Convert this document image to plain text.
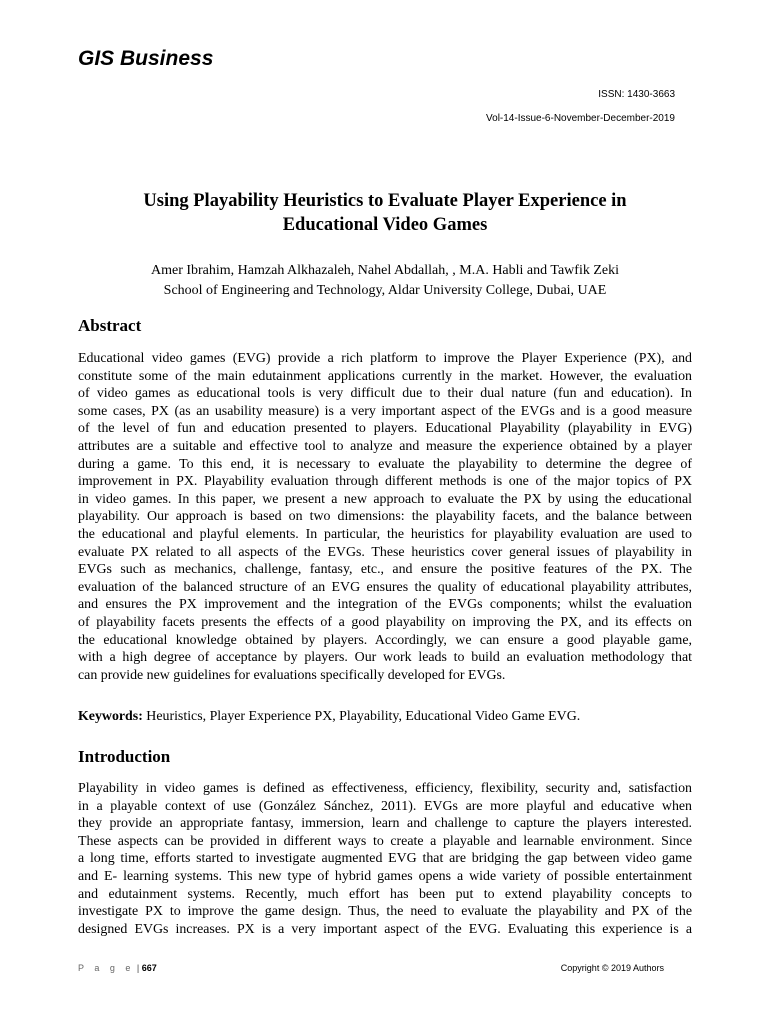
GIS Business
ISSN: 1430-3663
Vol-14-Issue-6-November-December-2019
Using Playability Heuristics to Evaluate Player Experience in
Educational Video Games
Amer Ibrahim, Hamzah Alkhazaleh, Nahel Abdallah, , M.A. Habli and Tawfik Zeki
School of Engineering and Technology, Aldar University College, Dubai, UAE
Abstract
Educational video games (EVG) provide a rich platform to improve the Player Experience (PX), and
constitute some of the main edutainment applications currently in the market. However, the evaluation
of video games as educational tools is very difficult due to their dual nature (fun and education). In
some cases, PX (as an usability measure) is a very important aspect of the EVGs and is a good measure
of the level of fun and education presented to players. Educational Playability (playability in EVG)
attributes are a suitable and effective tool to analyze and measure the experience obtained by a player
during a game. To this end, it is necessary to evaluate the playability to determine the degree of
improvement in PX. Playability evaluation through different methods is one of the major topics of PX
in video games. In this paper, we present a new approach to evaluate the PX by using the educational
playability. Our approach is based on two dimensions: the playability facets, and the balance between
the educational and playful elements. In particular, the heuristics for playability evaluation are used to
evaluate PX related to all aspects of the EVGs. These heuristics cover general issues of playability in
EVGs such as mechanics, challenge, fantasy, etc., and ensure the positive features of the PX. The
evaluation of the balanced structure of an EVG ensures the quality of educational playability attributes,
and ensures the PX improvement and the integration of the EVGs components; whilst the evaluation
of playability facets presents the effects of a good playability on improving the PX, and its effects on
the educational knowledge obtained by players. Accordingly, we can ensure a good playable game,
with a high degree of acceptance by players. Our work leads to build an evaluation methodology that
can provide new guidelines for evaluations specifically developed for EVGs.
Keywords: Heuristics, Player Experience PX, Playability, Educational Video Game EVG.
Introduction
Playability in video games is defined as effectiveness, efficiency, flexibility, security and, satisfaction
in a playable context of use (González Sánchez, 2011). EVGs are more playful and educative when
they provide an appropriate fantasy, immersion, learn and challenge to capture the players interested.
These aspects can be provided in different ways to create a playable and learnable environment. Since
a long time, efforts started to investigate augmented EVG that are bridging the gap between video game
and E- learning systems. This new type of hybrid games opens a wide variety of possible entertainment
and edutainment systems. Recently, much effort has been put to extend playability concepts to
investigate PX to improve the game design. Thus, the need to evaluate the playability and PX of the
designed EVGs increases. PX is a very important aspect of the EVG. Evaluating this experience is a
P a g e | 667	Copyright © 2019 Authors
